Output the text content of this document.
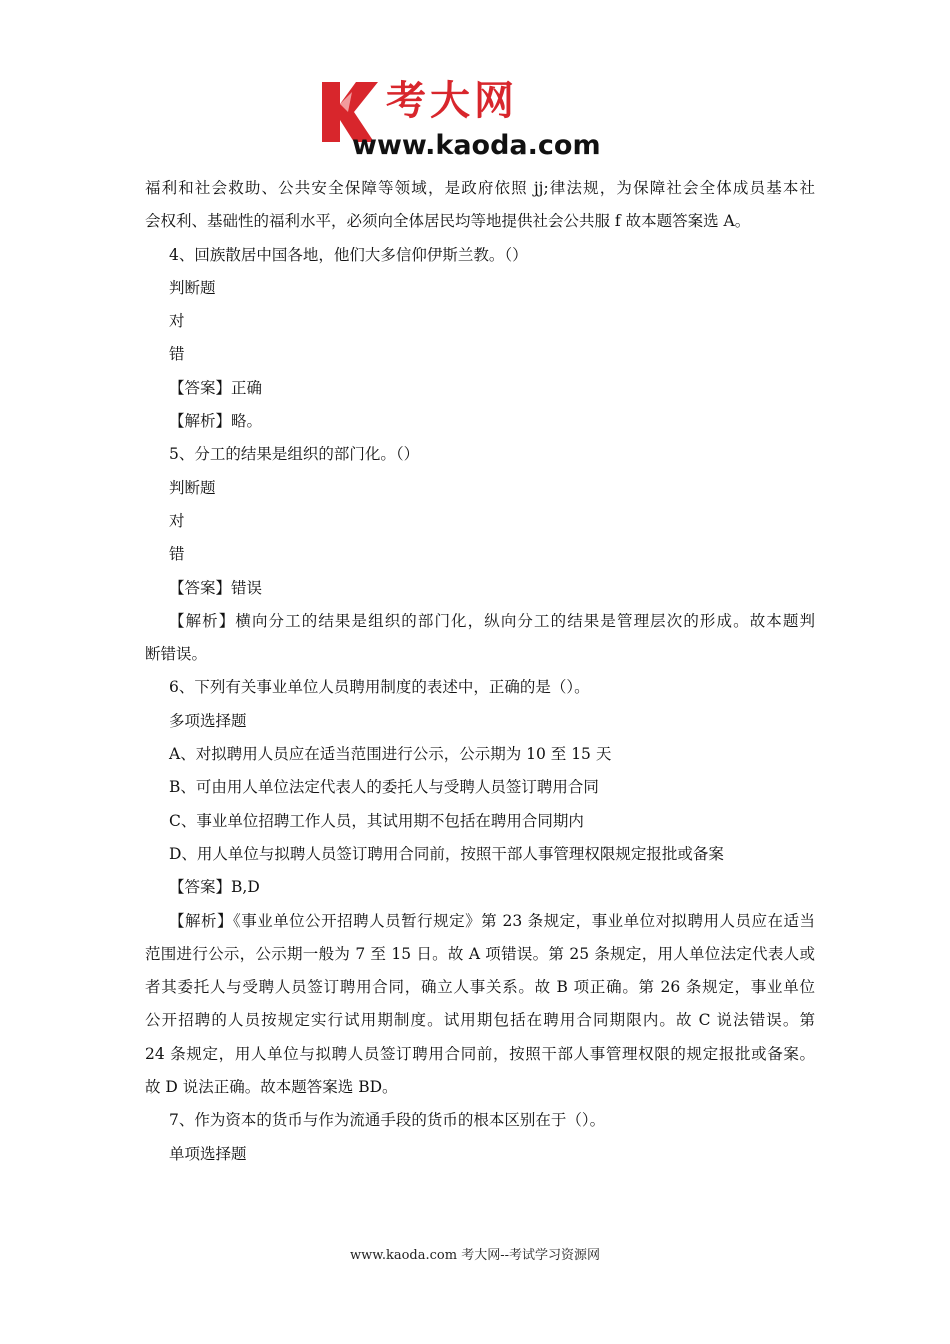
考大网
www.kaoda.com
福利和社会救助、公共安全保障等领域，是政府依照 jj;律法规，为保障社会全体成员基本社
会权利、基础性的福利水平，必须向全体居民均等地提供社会公共服 f 故本题答案选 A。
4、回族散居中国各地，他们大多信仰伊斯兰教。（）
判断题
对
错
【答案】正确
【解析】略。
5、分工的结果是组织的部门化。（）
判断题
对
错
【答案】错误
【解析】横向分工的结果是组织的部门化，纵向分工的结果是管理层次的形成。故本题判
断错误。
6、下列有关事业单位人员聘用制度的表述中，正确的是（）。
多项选择题
A、对拟聘用人员应在适当范围进行公示，公示期为 10 至 15 天
B、可由用人单位法定代表人的委托人与受聘人员签订聘用合同
C、事业单位招聘工作人员，其试用期不包括在聘用合同期内
D、用人单位与拟聘人员签订聘用合同前，按照干部人事管理权限规定报批或备案
【答案】B,D
【解析】《事业单位公开招聘人员暂行规定》第 23 条规定，事业单位对拟聘用人员应在适当
范围进行公示，公示期一般为 7 至 15 日。故 A 项错误。第 25 条规定，用人单位法定代表人或
者其委托人与受聘人员签订聘用合同，确立人事关系。故 B 项正确。第 26 条规定，事业单位
公开招聘的人员按规定实行试用期制度。试用期包括在聘用合同期限内。故 C 说法错误。第
24 条规定，用人单位与拟聘人员签订聘用合同前，按照干部人事管理权限的规定报批或备案。
故 D 说法正确。故本题答案选 BD。
7、作为资本的货币与作为流通手段的货币的根本区别在于（）。
单项选择题
www.kaoda.com 考大网--考试学习资源网
